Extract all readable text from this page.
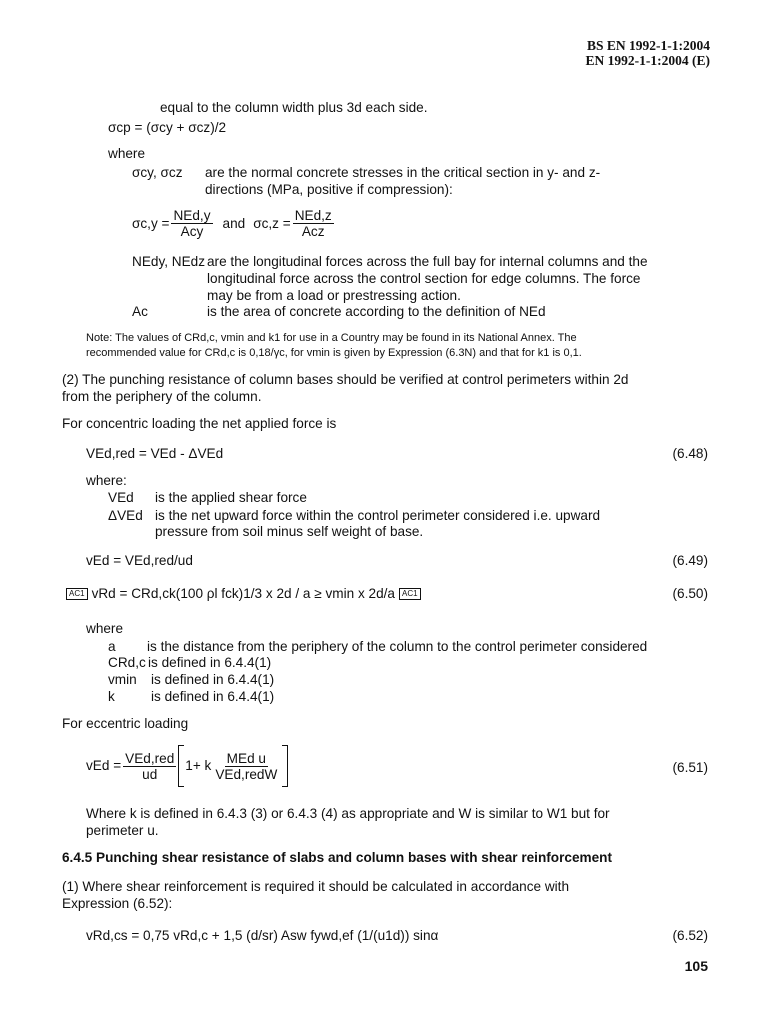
BS EN 1992-1-1:2004
EN 1992-1-1:2004 (E)
equal to the column width plus 3d each side.
σcp = (σcy + σcz)/2
where
σcy, σcz are the normal concrete stresses in the critical section in y- and z-
directions (MPa, positive if compression):
$\sigma c,y = \frac{\text{NEd,y}}{\text{Acy}}$ and $\sigma c,z = \frac{\text{NEd,z}}{\text{Acz}}$
NEdy, NEdz are the longitudinal forces across the full bay for internal columns and the
longitudinal force across the control section for edge columns. The force
may be from a load or prestressing action.
Ac	is the area of concrete according to the definition of NEd
Note: The values of CRd,c, vmin and k1 for use in a Country may be found in its National Annex. The
recommended value for CRd,c is 0,18/γc, for vmin is given by Expression (6.3N) and that for k1 is 0,1.
(2) The punching resistance of column bases should be verified at control perimeters within 2d
from the periphery of the column.
For concentric loading the net applied force is
VEd,red = VEd - ΔVEd	(6.48)
where:
VEd is the applied shear force
ΔVEd is the net upward force within the control perimeter considered i.e. upward
pressure from soil minus self weight of base.
vEd = VEd,red/ud	(6.49)
AC1 vRd = CRd,ck(100 ρl fck)1/3 x 2d / a ≥ vmin x 2d/a AC1	(6.50)
where
a is the distance from the periphery of the column to the control perimeter considered
CRd,c is defined in 6.4.4(1)
vmin is defined in 6.4.4(1)
k	is defined in 6.4.4(1)
For eccentric loading
vEd = $\frac{\text{VEd,red}}{ud} 1+ k \frac{\text{MEd u}}{\text{VEd,redW}}$	(6.51)
Where k is defined in 6.4.3 (3) or 6.4.3 (4) as appropriate and W is similar to W1 but for
perimeter u.
6.4.5 Punching shear resistance of slabs and column bases with shear reinforcement
(1) Where shear reinforcement is required it should be calculated in accordance with
Expression (6.52):
vRd,cs = 0,75 vRd,c + 1,5 (d/sr) Asw fywd,ef (1/(u1d)) sinα	(6.52)
105
